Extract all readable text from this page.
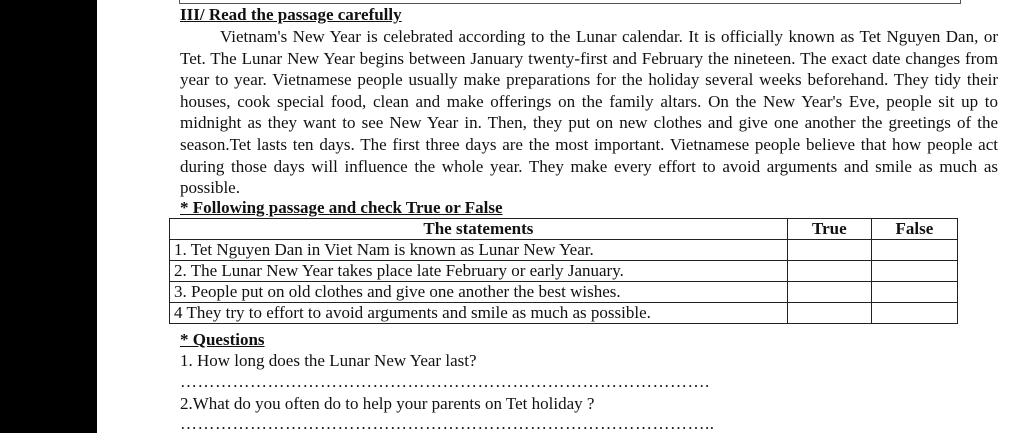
III/ Read the passage carefully

Vietnam's New Year is celebrated according to the Lunar calendar. It is officially known as Tet Nguyen Dan, or Tet. The Lunar New Year begins between January twenty-first and February the nineteen. The exact date changes from year to year. Vietnamese people usually make preparations for the holiday several weeks beforehand. They tidy their houses, cook special food, clean and make offerings on the family altars. On the New Year's Eve, people sit up to midnight as they want to see New Year in. Then, they put on new clothes and give one another the greetings of the season.Tet lasts ten days. The first three days are the most important. Vietnamese people believe that how people act during those days will influence the whole year. They make every effort to avoid arguments and smile as much as possible.

* Following passage and check True or False
The statements	True	False
1. Tet Nguyen Dan in Viet Nam is known as Lunar New Year.		
2. The Lunar New Year takes place late February or early January.		
3. People put on old clothes and give one another the best wishes.		
4 They try to effort to avoid arguments and smile as much as possible.		
* Questions
1. How long does the Lunar New Year last?
……………………………………………………………………………….
2.What do you often do to help your parents on Tet holiday ?
………………………………………………………………………………..
